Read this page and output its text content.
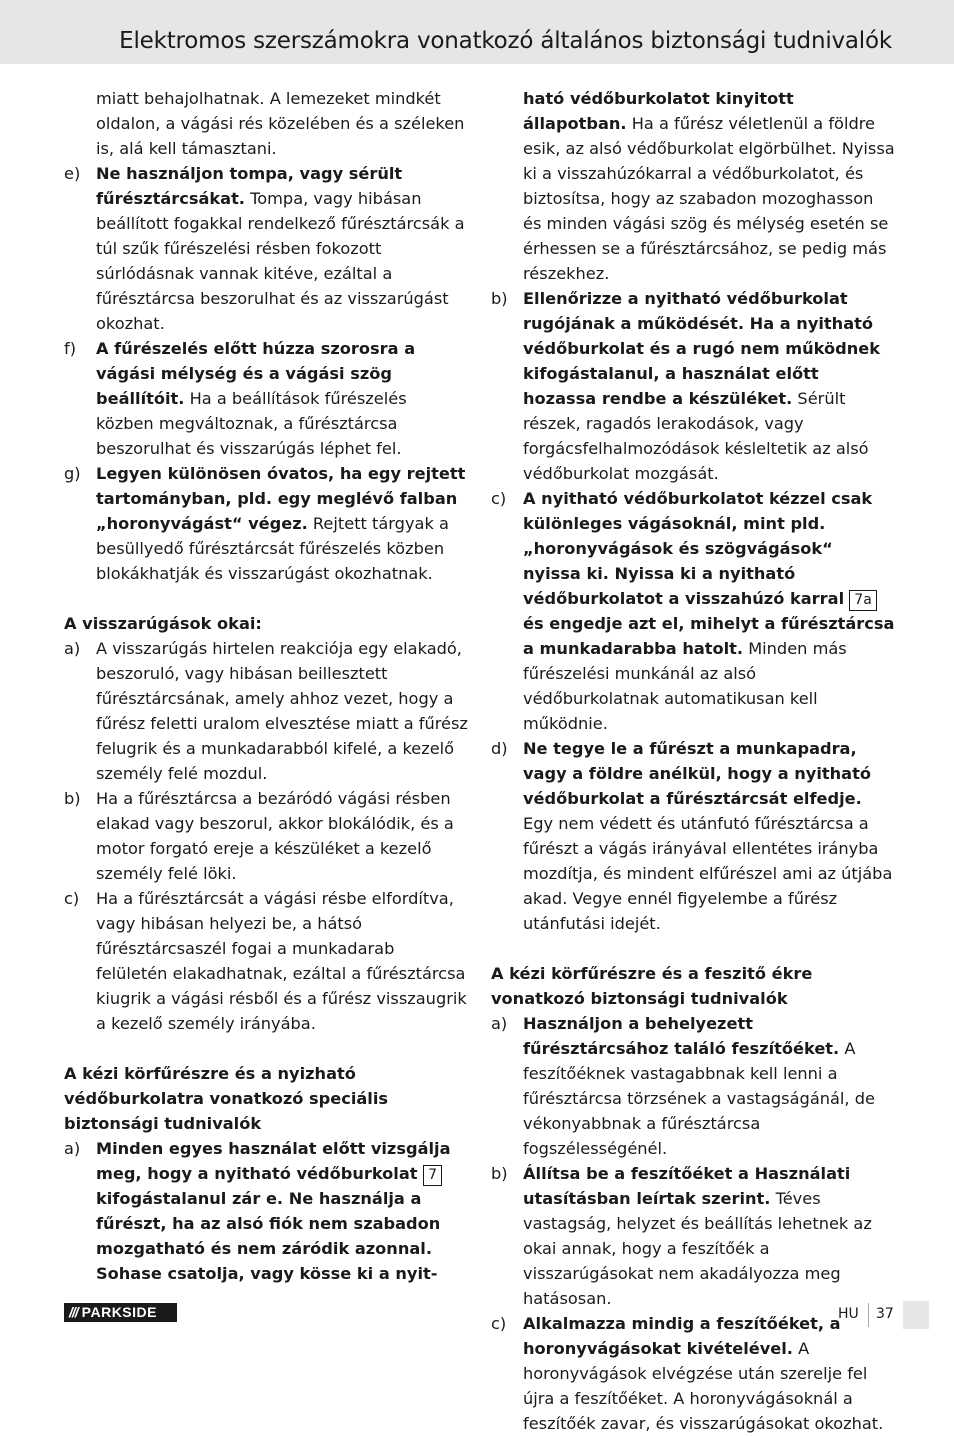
Elektromos szerszámokra vonatkozó általános biztonsági tudnivalók
miatt behajolhatnak. A lemezeket mindkét oldalon, a vágási rés közelében és a széleken is, alá kell támasztani.
e) Ne használjon tompa, vagy sérült fűrésztárcsákat. Tompa, vagy hibásan beállított fogakkal rendelkező fűrésztárcsák a túl szűk fűrészelési résben fokozott súrlódásnak vannak kitéve, ezáltal a fűrésztárcsa beszorulhat és az visszarúgást okozhat.
f)	A fűrészelés előtt húzza szorosra a vágási mélység és a vágási szög beállítóit. Ha a beállítások fűrészelés közben megváltoznak, a fűrésztárcsa beszorulhat és visszarúgás léphet fel.
g) Legyen különösen óvatos, ha egy rejtett tartományban, pld. egy meglévő falban „horonyvágást“ végez. Rejtett tárgyak a besüllyedő fűrésztárcsát fűrészelés közben blokákhatják és visszarúgást okozhatnak.
A visszarúgások okai:
a) A visszarúgás hirtelen reakciója egy elakadó, beszoruló, vagy hibásan beillesztett fűrésztárcsának, amely ahhoz vezet, hogy a fűrész feletti uralom elvesztése miatt a fűrész felugrik és a munkadarabból kifelé, a kezelő személy felé mozdul.
b) Ha a fűrésztárcsa a bezáródó vágási résben elakad vagy beszorul, akkor blokálódik, és a motor forgató ereje a készüléket a kezelő személy felé löki.
c)	Ha a fűrésztárcsát a vágási résbe elfordítva, vagy hibásan helyezi be, a hátsó fűrésztárcsaszél fogai a munkadarab felületén elakadhatnak, ezáltal a fűrésztárcsa kiugrik a vágási résből és a fűrész visszaugrik a kezelő személy irányába.
A kézi körfűrészre és a nyizható védőburkolatra vonatkozó speciális biztonsági tudnivalók
a) Minden egyes használat előtt vizsgálja meg, hogy a nyitható védőburkolat 7 kifogástalanul zár e. Ne használja a fűrészt, ha az alsó fiók nem szabadon mozgatható és nem záródik azonnal. Sohase csatolja, vagy kösse ki a nyit-
ható védőburkolatot kinyitott állapotban. Ha a fűrész véletlenül a földre esik, az alsó védőburkolat elgörbülhet. Nyissa ki a visszahúzókarral a védőburkolatot, és biztosítsa, hogy az szabadon mozoghasson és minden vágási szög és mélység esetén se érhessen se a fűrésztárcsához, se pedig más részekhez.
b) Ellenőrizze a nyitható védőburkolat rugójának a működését. Ha a nyitható védőburkolat és a rugó nem működnek kifogástalanul, a használat előtt hozassa rendbe a készüléket. Sérült részek, ragadós lerakodások, vagy forgácsfelhalmozódások késleltetik az alsó védőburkolat mozgását.
c)	A nyitható védőburkolatot kézzel csak különleges vágásoknál, mint pld. „horonyvágások és szögvágások“ nyissa ki. Nyissa ki a nyitható védőburkolatot a visszahúzó karral 7a és engedje azt el, mihelyt a fűrésztárcsa a munkadarabba hatolt. Minden más fűrészelési munkánál az alsó védőburkolatnak automatikusan kell működnie.
d) Ne tegye le a fűrészt a munkapadra, vagy a földre anélkül, hogy a nyitható védőburkolat a fűrésztárcsát elfedje. Egy nem védett és utánfutó fűrésztárcsa a fűrészt a vágás irányával ellentétes irányba mozdítja, és mindent elfűrészel ami az útjába akad. Vegye ennél figyelembe a fűrész utánfutási idejét.
A kézi körfűrészre és a feszitő ékre vonatkozó biztonsági tudnivalók
a) Használjon a behelyezett fűrésztárcsához találó feszítőéket. A feszítőéknek vastagabbnak kell lenni a fűrésztárcsa törzsének a vastagságánál, de vékonyabbnak a fűrésztárcsa fogszélességénél.
b) Állítsa be a feszítőéket a Használati utasításban leírtak szerint. Téves vastagság, helyzet és beállítás lehetnek az okai annak, hogy a feszítőék a visszarúgásokat nem akadályozza meg hatásosan.
c)	Alkalmazza mindig a feszítőéket, a horonyvágásokat kivételével. A horonyvágások elvégzése után szerelje fel újra a feszítőéket. A horonyvágásoknál a feszítőék zavar, és visszarúgásokat okozhat.
/// PARKSIDE	HU 37
